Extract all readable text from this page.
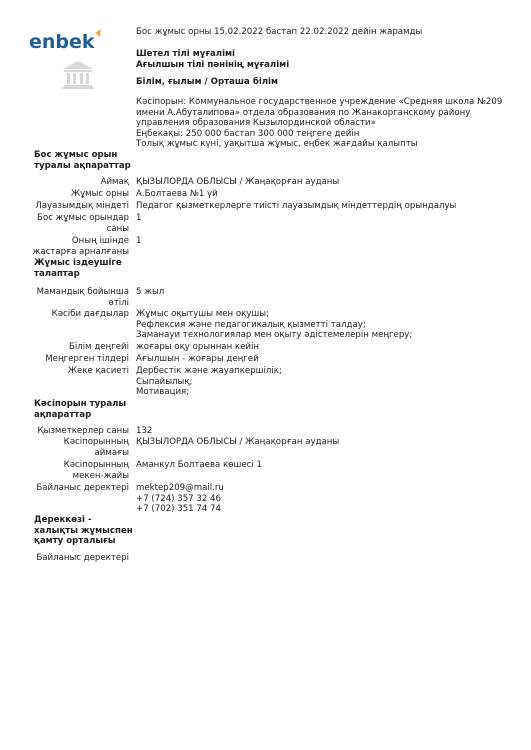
enbek	Бос жұмыс орны 15.02.2022 бастап 22.02.2022 дейін жарамды
Шетел тілі мұғалімі
Ағылшын тілі пәнінің мұғалімі
Білім, ғылым / Орташа білім
Кәсіпорын: Коммунальное государственное учреждение «Средняя школа №209
имени А.Абуталипова» отдела образования по Жанакорганскому району
управления образования Кызылординской области»
Еңбекақы: 250 000 бастап 300 000 теңгеге дейін
Толық жұмыс күні, уақытша жұмыс, еңбек жағдайы қалыпты
Бос жұмыс орын
туралы ақпараттар
Аймақ ҚЫЗЫЛОРДА ОБЛЫСЫ / Жаңақорған ауданы
Жұмыс орны А.Болтаева №1 үй
Лауазымдық міндеті Педагог қызметкерлерге тиісті лауазымдық міндеттердің орындалуы
Бос жұмыс орындар
саны
1
Оның ішінде
жастарға арналғаны
1
Жұмыс іздеушіге
талаптар
Мамандық бойынша
өтілі
5 жыл
Кәсіби дағдылар Жұмыс оқытушы мен оқушы;
Рефлексия және педагогикалық қызметті талдау;
Заманауи технологиялар мен оқыту әдістемелерін меңгеру;
Білім деңгейі жоғары оқу орыннан кейін
Меңгерген тілдері Ағылшын - жоғары деңгей
Жеке қасиеті Дербестік және жауапкершілік;
Сыпайылық;
Мотивация;
Кәсіпорын туралы
ақпараттар
Қызметкерлер саны 132
Кәсіпорынның
аймағы
ҚЫЗЫЛОРДА ОБЛЫСЫ / Жаңақорған ауданы
Кәсіпорынның
мекен-жайы
Аманкул Болтаева көшесі 1
Байланыс деректері mektep209@mail.ru
+7 (724) 357 32 46
+7 (702) 351 74 74
Дереккөзі -
халықты жұмыспен
қамту орталығы
Байланыс деректері
